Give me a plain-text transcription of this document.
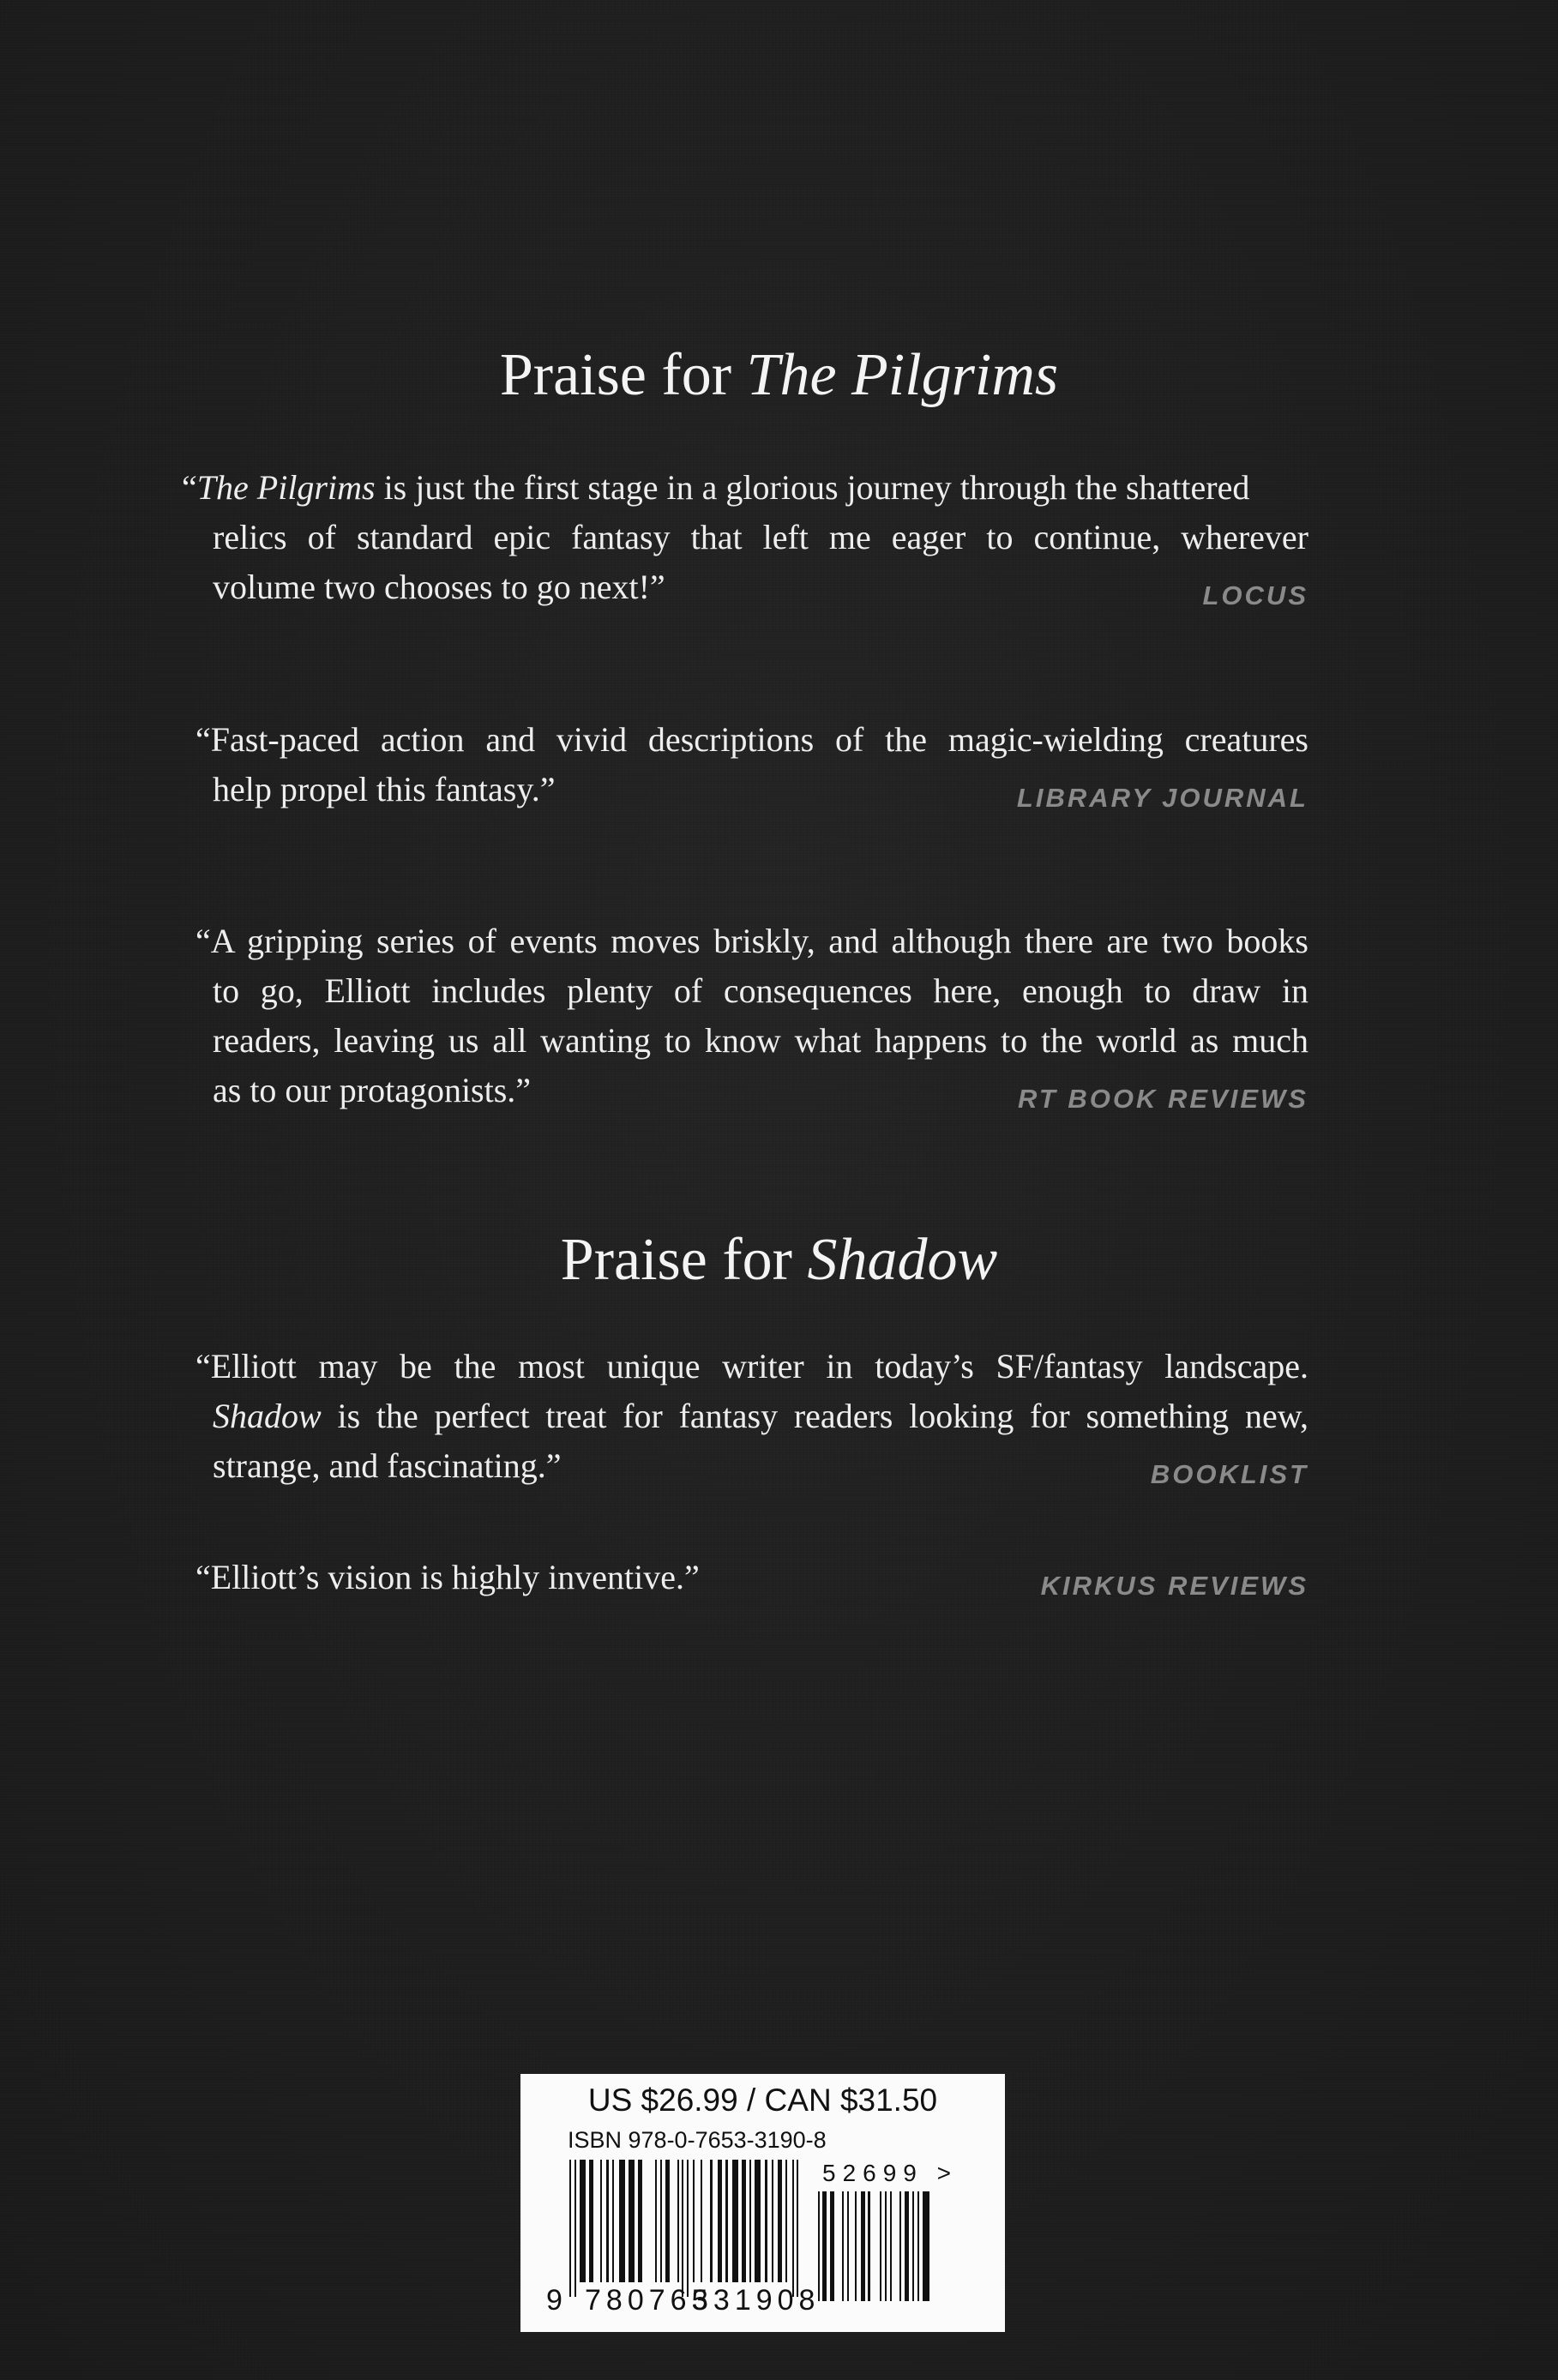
Praise for The Pilgrims
“The Pilgrims is just the first stage in a glorious journey through the shattered
relics of standard epic fantasy that left me eager to continue, wherever
volume two chooses to go next!”	LOCUS
“Fast-paced action and vivid descriptions of the magic-wielding creatures
help propel this fantasy.”	LIBRARY JOURNAL
“A gripping series of events moves briskly, and although there are two books
to go, Elliott includes plenty of consequences here, enough to draw in
readers, leaving us all wanting to know what happens to the world as much
as to our protagonists.”	RT BOOK REVIEWS
Praise for Shadow
“Elliott may be the most unique writer in today’s SF/fantasy landscape.
Shadow is the perfect treat for fantasy readers looking for something new,
strange, and fascinating.”	BOOKLIST
“Elliott’s vision is highly inventive.”	KIRKUS REVIEWS
US $26.99 / CAN $31.50
ISBN 978-0-7653-3190-8
52699 >
9 780765
331908
